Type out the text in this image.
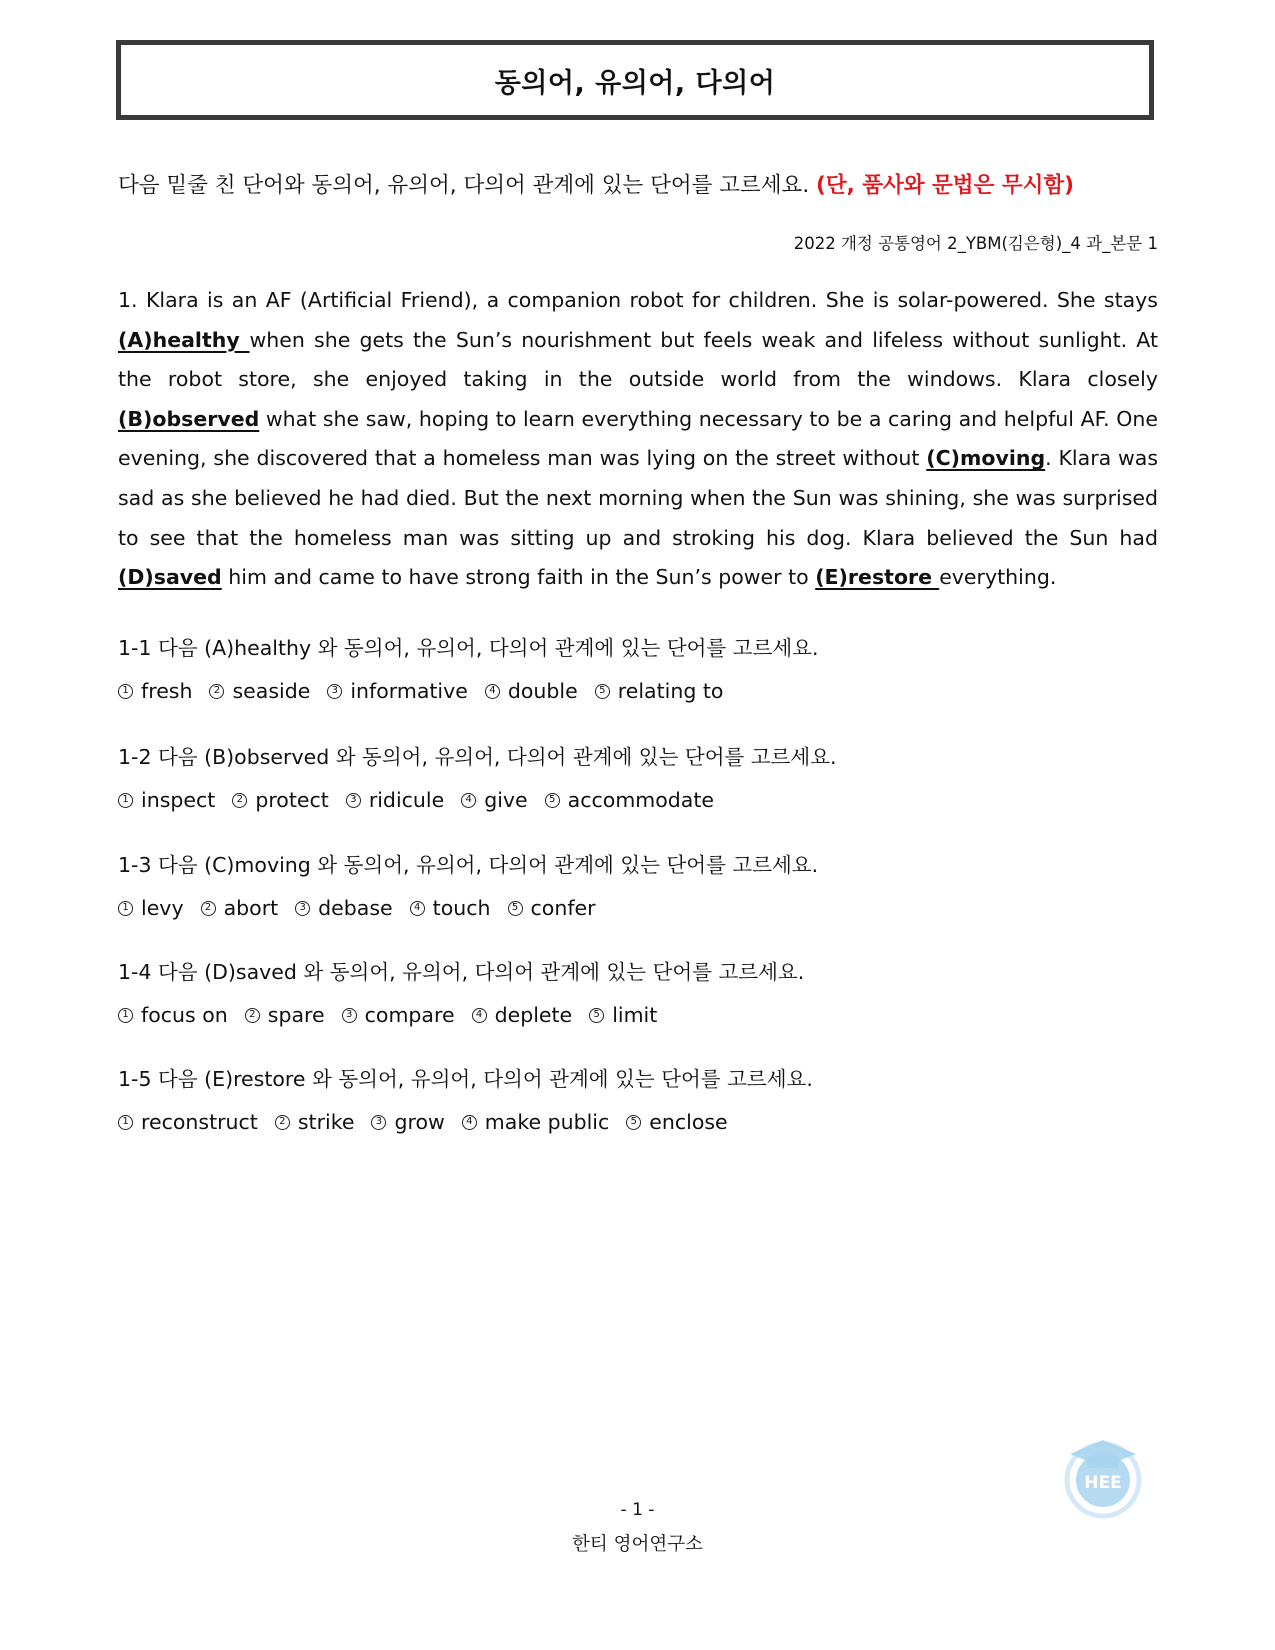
동의어, 유의어, 다의어
다음 밑줄 친 단어와 동의어, 유의어, 다의어 관계에 있는 단어를 고르세요. (단, 품사와 문법은 무시함)
2022 개정 공통영어 2_YBM(김은형)_4 과_본문 1

1. Klara is an AF (Artificial Friend), a companion robot for children. She is solar-powered. She stays (A)healthy when she gets the Sun’s nourishment but feels weak and lifeless without sunlight. At the robot store, she enjoyed taking in the outside world from the windows. Klara closely (B)observed what she saw, hoping to learn everything necessary to be a caring and helpful AF. One evening, she discovered that a homeless man was lying on the street without (C)moving. Klara was sad as she believed he had died. But the next morning when the Sun was shining, she was surprised to see that the homeless man was sitting up and stroking his dog. Klara believed the Sun had (D)saved him and came to have strong faith in the Sun’s power to (E)restore everything.

1-1 다음 (A)healthy 와 동의어, 유의어, 다의어 관계에 있는 단어를 고르세요.
1 fresh	2 seaside	3 informative	4 double	5 relating to
1-2 다음 (B)observed 와 동의어, 유의어, 다의어 관계에 있는 단어를 고르세요.
1 inspect	2 protect	3 ridicule	4 give	5 accommodate
1-3 다음 (C)moving 와 동의어, 유의어, 다의어 관계에 있는 단어를 고르세요.
1 levy	2 abort	3 debase	4 touch	5 confer
1-4 다음 (D)saved 와 동의어, 유의어, 다의어 관계에 있는 단어를 고르세요.
1 focus on	2 spare	3 compare	4 deplete	5 limit
1-5 다음 (E)restore 와 동의어, 유의어, 다의어 관계에 있는 단어를 고르세요.
1 reconstruct	2 strike	3 grow	4 make public	5 enclose
HEE
- 1 -
한티 영어연구소
